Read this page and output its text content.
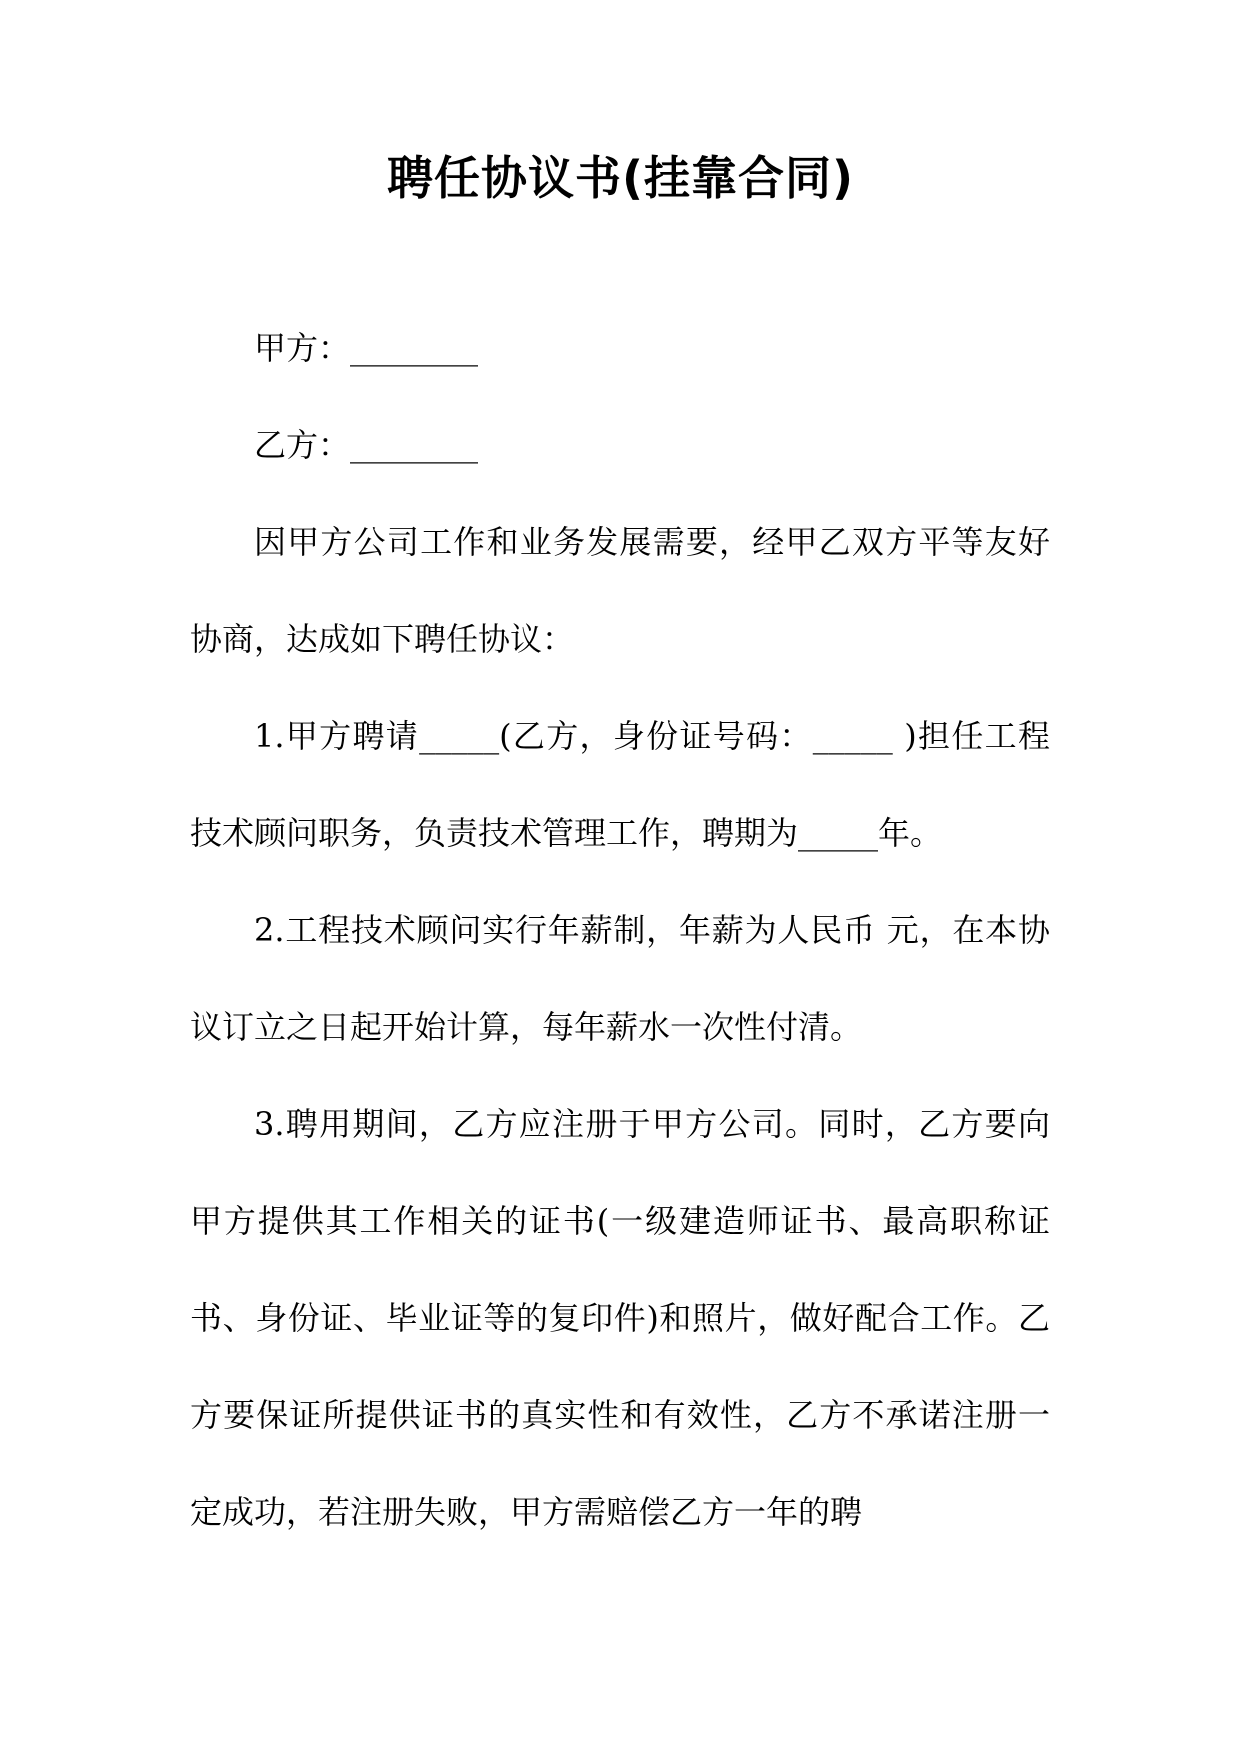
聘任协议书(挂靠合同)

甲方：________

乙方：________

因甲方公司工作和业务发展需要，经甲乙双方平等友好协商，达成如下聘任协议：

1.甲方聘请_____(乙方，身份证号码：_____ )担任工程技术顾问职务，负责技术管理工作，聘期为_____年。

2.工程技术顾问实行年薪制，年薪为人民币 元，在本协议订立之日起开始计算，每年薪水一次性付清。

3.聘用期间，乙方应注册于甲方公司。同时，乙方要向甲方提供其工作相关的证书(一级建造师证书、最高职称证书、身份证、毕业证等的复印件)和照片，做好配合工作。乙方要保证所提供证书的真实性和有效性，乙方不承诺注册一定成功，若注册失败，甲方需赔偿乙方一年的聘
